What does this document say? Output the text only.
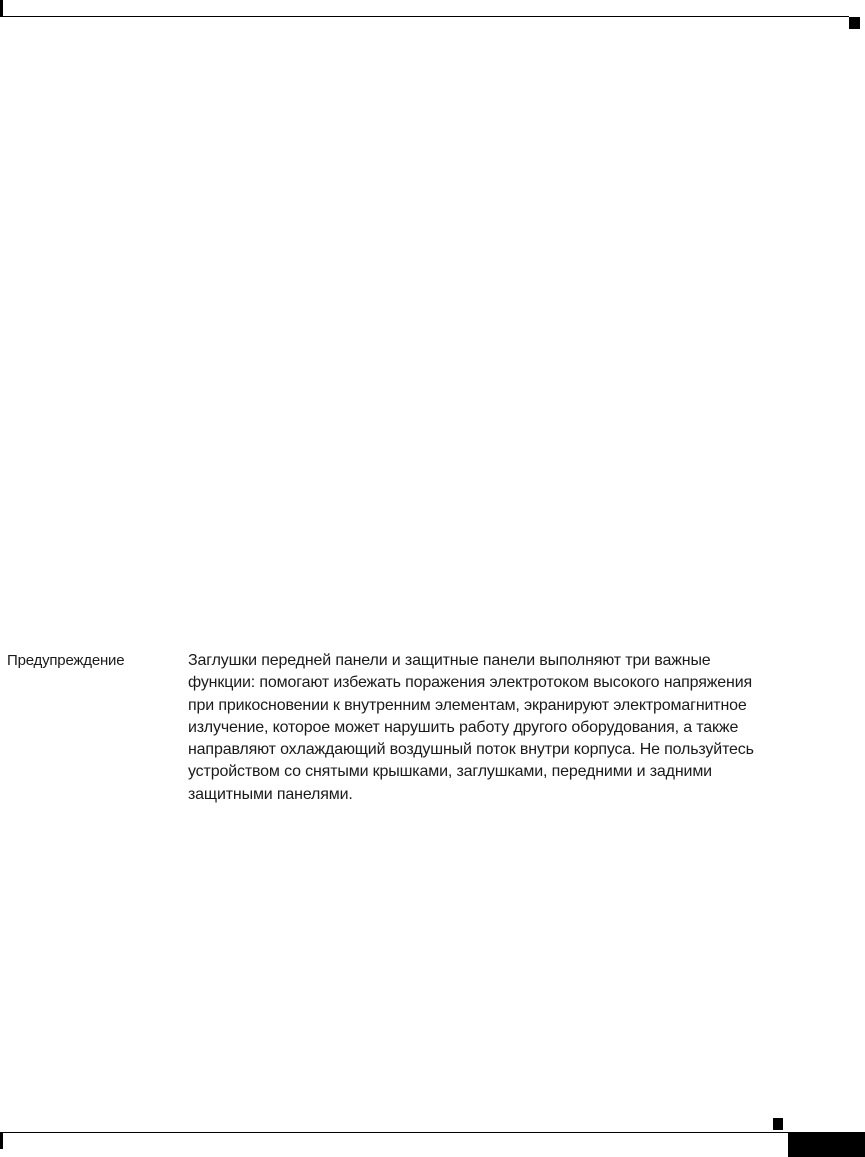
Предупреждение	Заглушки передней панели и защитные панели выполняют три важные
функции: помогают избежать поражения электротоком высокого напряжения
при прикосновении к внутренним элементам, экранируют электромагнитное
излучение, которое может нарушить работу другого оборудования, а также
направляют охлаждающий воздушный поток внутри корпуса. Не пользуйтесь
устройством со снятыми крышками, заглушками, передними и задними
защитными панелями.
